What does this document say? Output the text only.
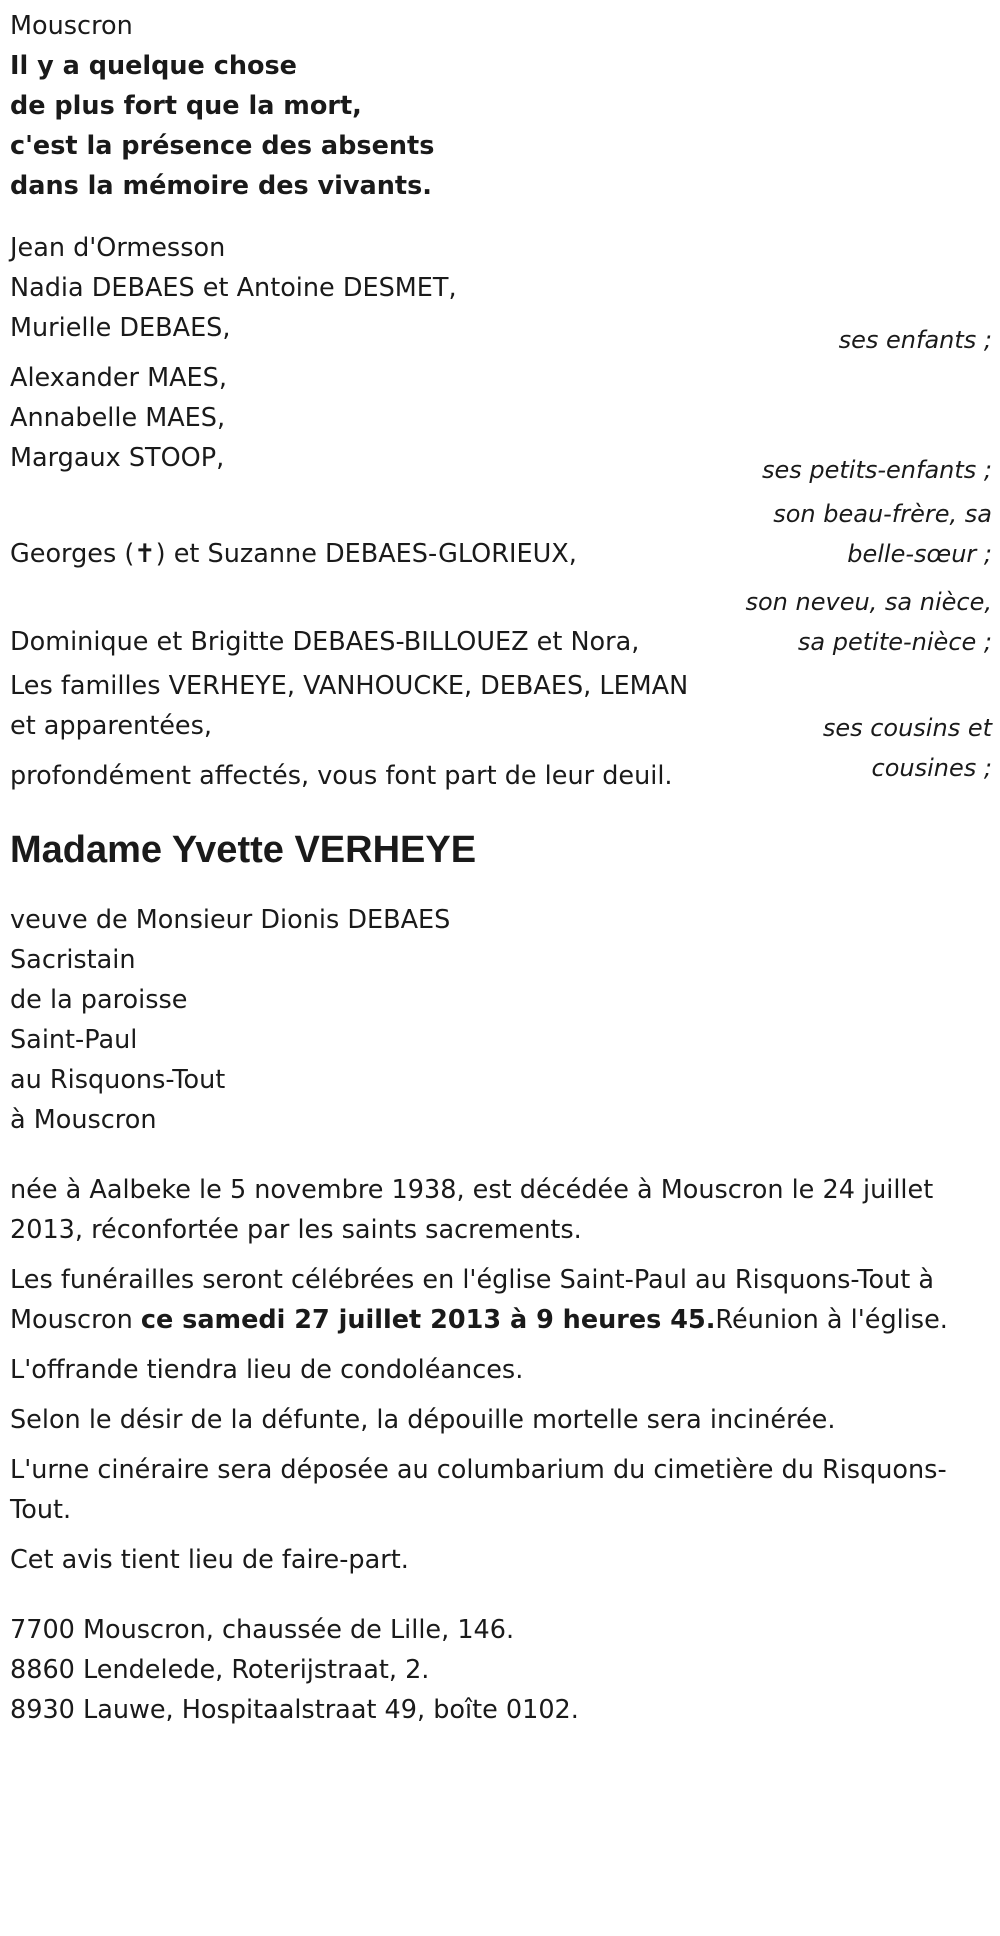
Mouscron
Il y a quelque chose
de plus fort que la mort,
c'est la présence des absents
dans la mémoire des vivants.
Jean d'Ormesson
Nadia DEBAES et Antoine DESMET,
Murielle DEBAES,	ses enfants ;
Alexander MAES,
Annabelle MAES,
Margaux STOOP,	ses petits-enfants ;
Georges (✝) et Suzanne DEBAES-GLORIEUX,
son beau-frère, sa
belle-sœur ;
Dominique et Brigitte DEBAES-BILLOUEZ et Nora,
son neveu, sa nièce,
sa petite-nièce ;
Les familles VERHEYE, VANHOUCKE, DEBAES, LEMAN
et apparentées,
profondément affectés, vous font part de leur deuil.
ses cousins et
cousines ;
Madame Yvette VERHEYE
veuve de Monsieur Dionis DEBAES
Sacristain
de la paroisse
Saint-Paul
au Risquons-Tout
à Mouscron
née à Aalbeke le 5 novembre 1938, est décédée à Mouscron le 24 juillet 2013, réconfortée par les saints sacrements.
Les funérailles seront célébrées en l'église Saint-Paul au Risquons-Tout à Mouscron ce samedi 27 juillet 2013 à 9 heures 45.Réunion à l'église.
L'offrande tiendra lieu de condoléances.
Selon le désir de la défunte, la dépouille mortelle sera incinérée.
L'urne cinéraire sera déposée au columbarium du cimetière du Risquons-Tout.
Cet avis tient lieu de faire-part.
7700 Mouscron, chaussée de Lille, 146.
8860 Lendelede, Roterijstraat, 2.
8930 Lauwe, Hospitaalstraat 49, boîte 0102.
